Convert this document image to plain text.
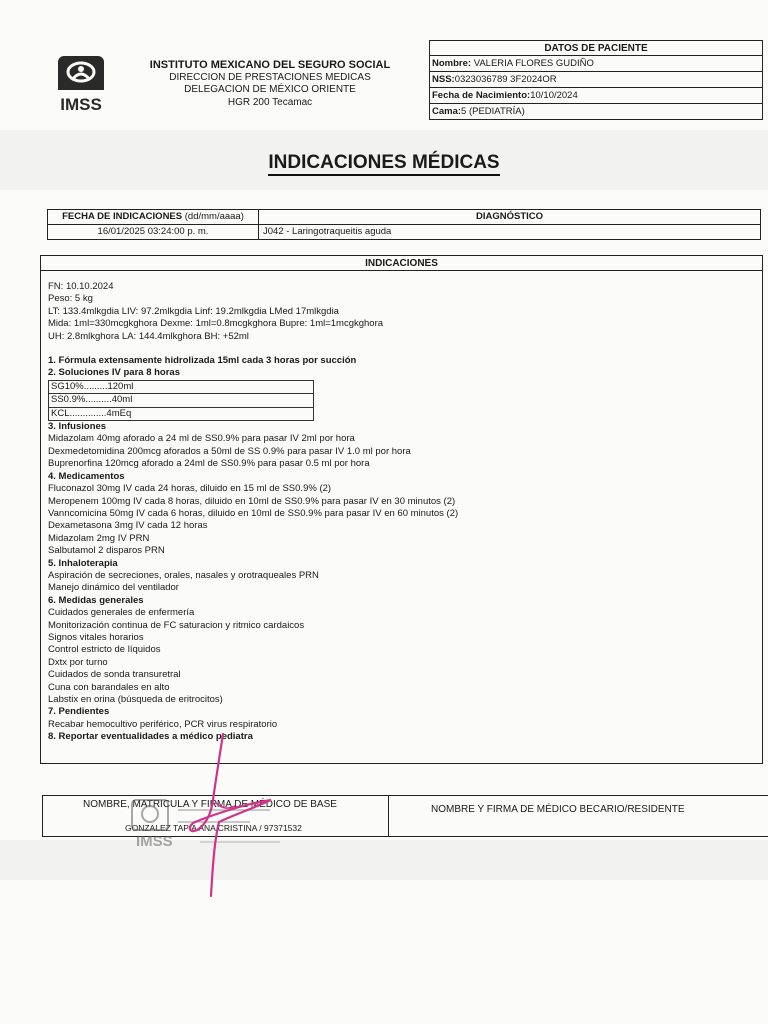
IMSS
INSTITUTO MEXICANO DEL SEGURO SOCIAL
DIRECCION DE PRESTACIONES MEDICAS
DELEGACION DE MÉXICO ORIENTE
HGR 200 Tecamac
DATOS DE PACIENTE
Nombre: VALERIA FLORES GUDIÑO
NSS:0323036789 3F2024OR
Fecha de Nacimiento:10/10/2024
Cama:5 (PEDIATRÍA)
INDICACIONES MÉDICAS
FECHA DE INDICACIONES (dd/mm/aaaa)	DIAGNÓSTICO
16/01/2025 03:24:00 p. m.	J042 - Laringotraqueitis aguda
INDICACIONES
FN: 10.10.2024
Peso: 5 kg
LT: 133.4mlkgdia LIV: 97.2mlkgdia Linf: 19.2mlkgdia LMed 17mlkgdia
Mida: 1ml=330mcgkghora Dexme: 1ml=0.8mcgkghora Bupre: 1ml=1mcgkghora
UH: 2.8mlkghora LA: 144.4mlkghora BH: +52ml
1. Fórmula extensamente hidrolizada 15ml cada 3 horas por succión
2. Soluciones IV para 8 horas
SG10%.........120ml
SS0.9%..........40ml
KCL..............4mEq
3. Infusiones
Midazolam 40mg aforado a 24 ml de SS0.9% para pasar IV 2ml por hora
Dexmedetomidina 200mcg aforados a 50ml de SS 0.9% para pasar IV 1.0 ml por hora
Buprenorfina 120mcg aforado a 24ml de SS0.9% para pasar 0.5 ml por hora
4. Medicamentos
Fluconazol 30mg IV cada 24 horas, diluido en 15 ml de SS0.9% (2)
Meropenem 100mg IV cada 8 horas, diluido en 10ml de SS0.9% para pasar IV en 30 minutos (2)
Vanncomicina 50mg IV cada 6 horas, diluido en 10ml de SS0.9% para pasar IV en 60 minutos (2)
Dexametasona 3mg IV cada 12 horas
Midazolam 2mg IV PRN
Salbutamol 2 disparos PRN
5. Inhaloterapia
Aspiración de secreciones, orales, nasales y orotraqueales PRN
Manejo dinámico del ventilador
6. Medidas generales
Cuidados generales de enfermería
Monitorización continua de FC saturacion y ritmico cardaicos
Signos vitales horarios
Control estricto de líquidos
Dxtx por turno
Cuidados de sonda transuretral
Cuna con barandales en alto
Labstix en orina (búsqueda de eritrocitos)
7. Pendientes
Recabar hemocultivo periférico, PCR virus respiratorio
8. Reportar eventualidades a médico pediatra
NOMBRE, MATRICULA Y FIRMA DE MÉDICO DE BASE
GONZALEZ TAPIA ANA CRISTINA / 97371532
NOMBRE Y FIRMA DE MÉDICO BECARIO/RESIDENTE
IMSS
